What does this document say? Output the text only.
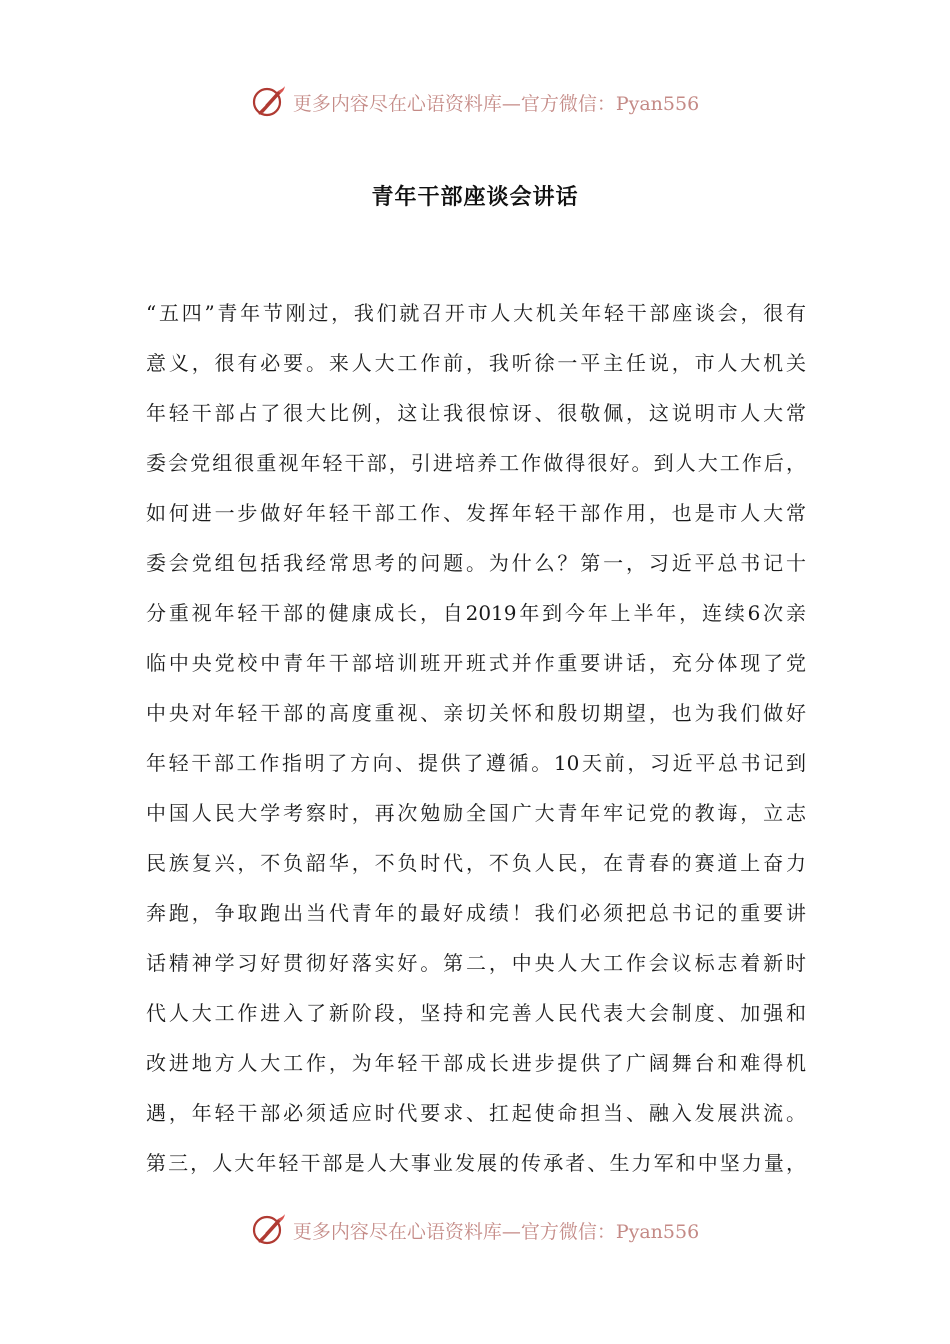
更多内容尽在心语资料库—官方微信：Pyan556
青年干部座谈会讲话
“五四”青年节刚过，我们就召开市人大机关年轻干部座谈会，很有
意义，很有必要。来人大工作前，我听徐一平主任说，市人大机关
年轻干部占了很大比例，这让我很惊讶、很敬佩，这说明市人大常
委会党组很重视年轻干部，引进培养工作做得很好。到人大工作后，
如何进一步做好年轻干部工作、发挥年轻干部作用，也是市人大常
委会党组包括我经常思考的问题。为什么？第一，习近平总书记十
分重视年轻干部的健康成长，自2019年到今年上半年，连续6次亲
临中央党校中青年干部培训班开班式并作重要讲话，充分体现了党
中央对年轻干部的高度重视、亲切关怀和殷切期望，也为我们做好
年轻干部工作指明了方向、提供了遵循。10天前，习近平总书记到
中国人民大学考察时，再次勉励全国广大青年牢记党的教诲，立志
民族复兴，不负韶华，不负时代，不负人民，在青春的赛道上奋力
奔跑，争取跑出当代青年的最好成绩！我们必须把总书记的重要讲
话精神学习好贯彻好落实好。第二，中央人大工作会议标志着新时
代人大工作进入了新阶段，坚持和完善人民代表大会制度、加强和
改进地方人大工作，为年轻干部成长进步提供了广阔舞台和难得机
遇，年轻干部必须适应时代要求、扛起使命担当、融入发展洪流。
第三，人大年轻干部是人大事业发展的传承者、生力军和中坚力量，
更多内容尽在心语资料库—官方微信：Pyan556
